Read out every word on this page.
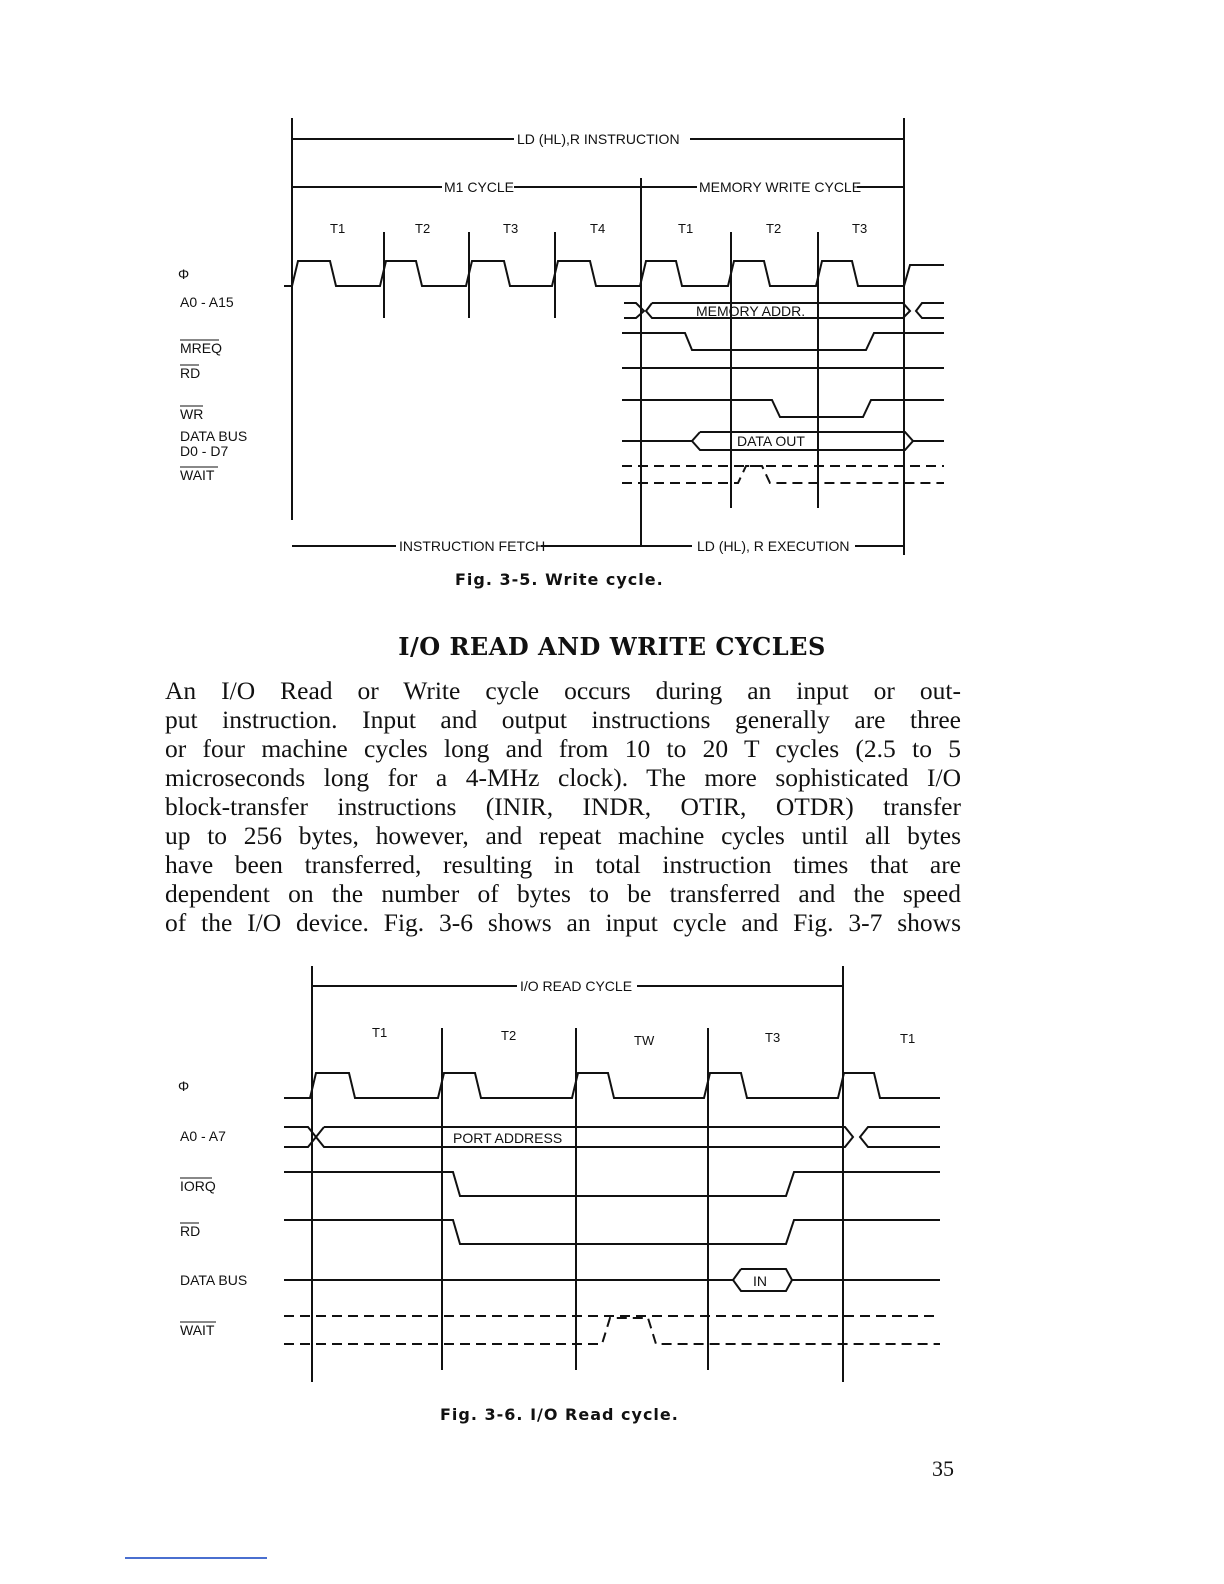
LD (HL),R INSTRUCTION
M1 CYCLE	MEMORY WRITE CYCLE
T1	T2	T3	T4	T1	T2	T3
Φ
A0 - A15
MREQ
RD
WR
DATA BUS
D0 - D7
WAIT
MEMORY ADDR.
DATA OUT
INSTRUCTION FETCH	LD (HL), R EXECUTION
Fig. 3-5. Write cycle.
I/O READ AND WRITE CYCLES

An I/O Read or Write cycle occurs during an input or out-
put instruction. Input and output instructions generally are three
or four machine cycles long and from 10 to 20 T cycles (2.5 to 5
microseconds long for a 4-MHz clock). The more sophisticated I/O
block-transfer instructions (INIR, INDR, OTIR, OTDR) transfer
up to 256 bytes, however, and repeat machine cycles until all bytes
have been transferred, resulting in total instruction times that are
dependent on the number of bytes to be transferred and the speed
of the I/O device. Fig. 3-6 shows an input cycle and Fig. 3-7 shows

I/O READ CYCLE
T1	T2	TW	T3	T1
Φ
A0 - A7
IORQ
RD
DATA BUS
WAIT
PORT ADDRESS
IN
Fig. 3-6. I/O Read cycle.
35
